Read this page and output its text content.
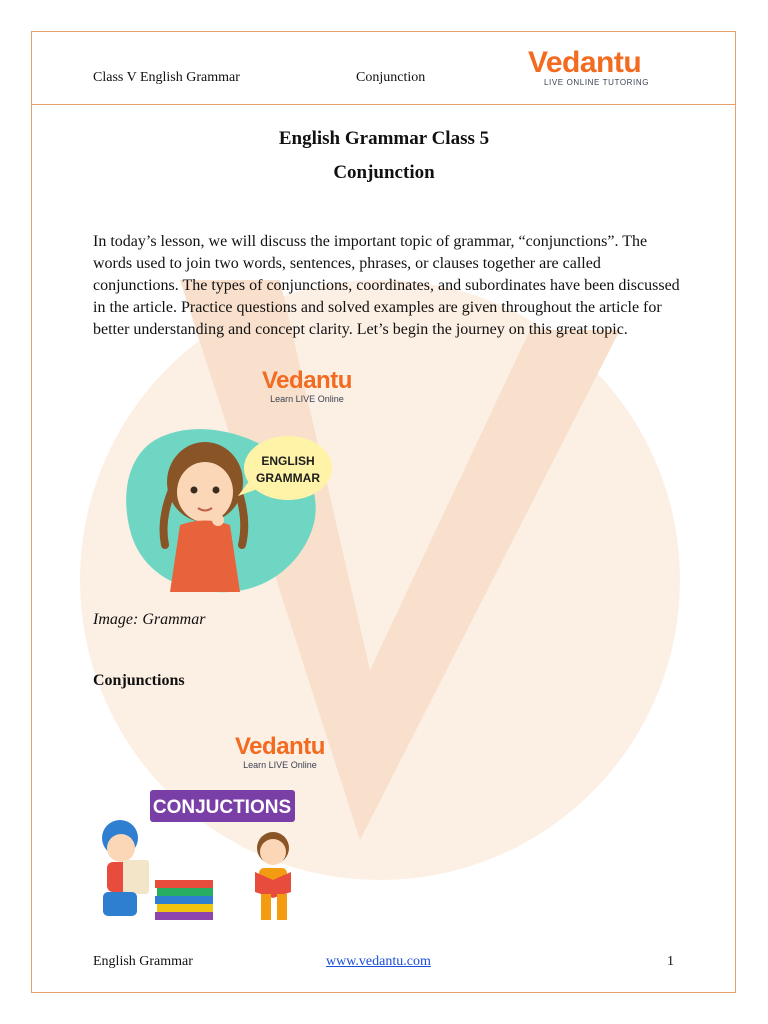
Class V English Grammar	Conjunction	Vedantu
LIVE ONLINE TUTORING
English Grammar Class 5
Conjunction

In today’s lesson, we will discuss the important topic of grammar, “conjunctions”. The words used to join two words, sentences, phrases, or clauses together are called conjunctions. The types of conjunctions, coordinates, and subordinates have been discussed in the article. Practice questions and solved examples are given throughout the article for better understanding and concept clarity. Let’s begin the journey on this great topic.

Vedantu
Learn LIVE Online
ENGLISH
GRAMMAR
Image: Grammar
Conjunctions
Vedantu
Learn LIVE Online
CONJUCTIONS
English Grammar	www.vedantu.com	1
